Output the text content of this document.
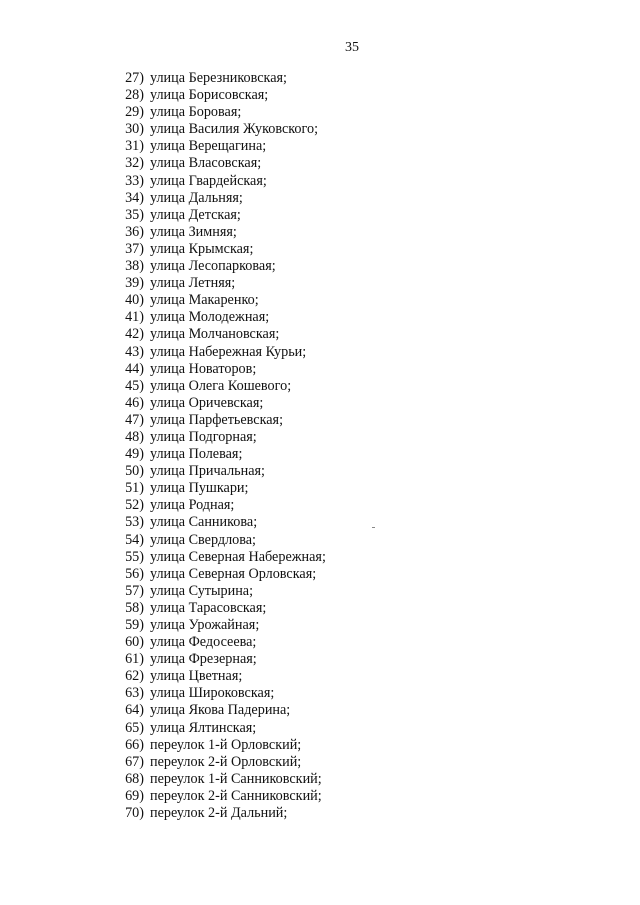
35
27) улица Березниковская;
28) улица Борисовская;
29) улица Боровая;
30) улица Василия Жуковского;
31) улица Верещагина;
32) улица Власовская;
33) улица Гвардейская;
34) улица Дальняя;
35) улица Детская;
36) улица Зимняя;
37) улица Крымская;
38) улица Лесопарковая;
39) улица Летняя;
40) улица Макаренко;
41) улица Молодежная;
42) улица Молчановская;
43) улица Набережная Курьи;
44) улица Новаторов;
45) улица Олега Кошевого;
46) улица Оричевская;
47) улица Парфетьевская;
48) улица Подгорная;
49) улица Полевая;
50) улица Причальная;
51) улица Пушкари;
52) улица Родная;
53) улица Санникова;
54) улица Свердлова;
55) улица Северная Набережная;
56) улица Северная Орловская;
57) улица Сутырина;
58) улица Тарасовская;
59) улица Урожайная;
60) улица Федосеева;
61) улица Фрезерная;
62) улица Цветная;
63) улица Широковская;
64) улица Якова Падерина;
65) улица Ялтинская;
66) переулок 1-й Орловский;
67) переулок 2-й Орловский;
68) переулок 1-й Санниковский;
69) переулок 2-й Санниковский;
70) переулок 2-й Дальний;
